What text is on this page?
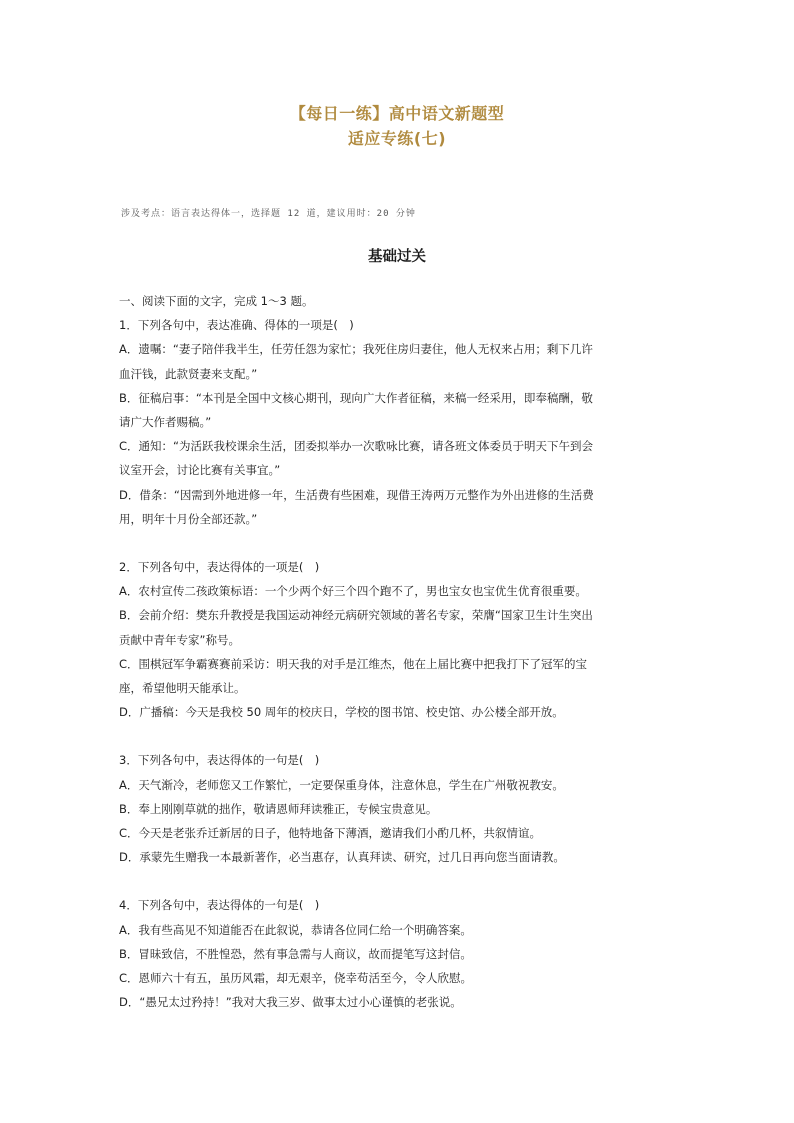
【每日一练】高中语文新题型
适应专练(七)
涉及考点：语言表达得体一，选择题 12 道，建议用时：20 分钟
基础过关
一、阅读下面的文字，完成 1～3 题。
1．下列各句中，表达准确、得体的一项是(　)
A．遗嘱：“妻子陪伴我半生，任劳任怨为家忙；我死住房归妻住，他人无权来占用；剩下几许
血汗钱，此款贤妻来支配。”
B．征稿启事：“本刊是全国中文核心期刊，现向广大作者征稿，来稿一经采用，即奉稿酬，敬
请广大作者赐稿。”
C．通知：“为活跃我校课余生活，团委拟举办一次歌咏比赛，请各班文体委员于明天下午到会
议室开会，讨论比赛有关事宜。”
D．借条：“因需到外地进修一年，生活费有些困难，现借王涛两万元整作为外出进修的生活费
用，明年十月份全部还款。”
2．下列各句中，表达得体的一项是(　)
A．农村宣传二孩政策标语：一个少两个好三个四个跑不了，男也宝女也宝优生优育很重要。
B．会前介绍：樊东升教授是我国运动神经元病研究领域的著名专家，荣膺“国家卫生计生突出
贡献中青年专家”称号。
C．围棋冠军争霸赛赛前采访：明天我的对手是江维杰，他在上届比赛中把我打下了冠军的宝
座，希望他明天能承让。
D．广播稿：今天是我校 50 周年的校庆日，学校的图书馆、校史馆、办公楼全部开放。
3．下列各句中，表达得体的一句是(　)
A．天气渐冷，老师您又工作繁忙，一定要保重身体，注意休息，学生在广州敬祝教安。
B．奉上刚刚草就的拙作，敬请恩师拜读雅正，专候宝贵意见。
C．今天是老张乔迁新居的日子，他特地备下薄酒，邀请我们小酌几杯，共叙情谊。
D．承蒙先生赠我一本最新著作，必当惠存，认真拜读、研究，过几日再向您当面请教。
4．下列各句中，表达得体的一句是(　)
A．我有些高见不知道能否在此叙说，恭请各位同仁给一个明确答案。
B．冒昧致信，不胜惶恐，然有事急需与人商议，故而提笔写这封信。
C．恩师六十有五，虽历风霜，却无艰辛，侥幸苟活至今，令人欣慰。
D．“愚兄太过矜持！”我对大我三岁、做事太过小心谨慎的老张说。
